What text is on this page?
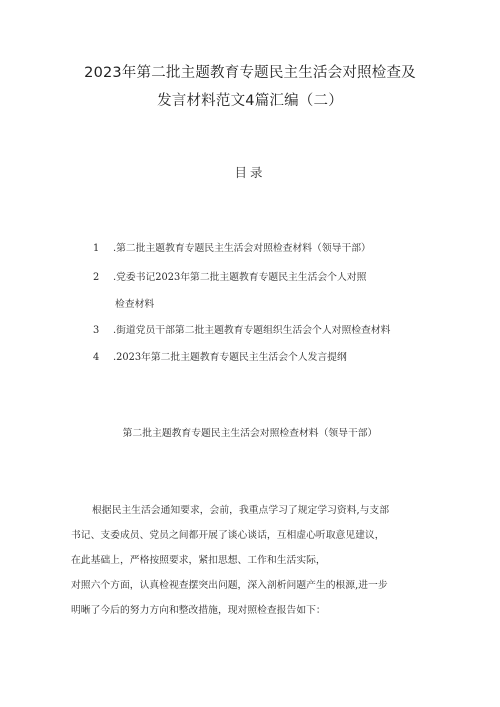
2023年第二批主题教育专题民主生活会对照检查及
发言材料范文4篇汇编（二）
目录
1 .第二批主题教育专题民主生活会对照检查材料（领导干部）
2 .党委书记2023年第二批主题教育专题民主生活会个人对照
检查材料
3 .街道党员干部第二批主题教育专题组织生活会个人对照检查材料
4 .2023年第二批主题教育专题民主生活会个人发言提纲
第二批主题教育专题民主生活会对照检查材料（领导干部）
根据民主生活会通知要求，会前，我重点学习了规定学习资料,与支部
书记、支委成员、党员之间都开展了谈心谈话，互相虚心听取意见建议，
在此基础上，严格按照要求，紧扣思想、工作和生活实际，
对照六个方面，认真检视查摆突出问题，深入剖析问题产生的根源,进一步
明晰了今后的努力方向和整改措施，现对照检查报告如下：
